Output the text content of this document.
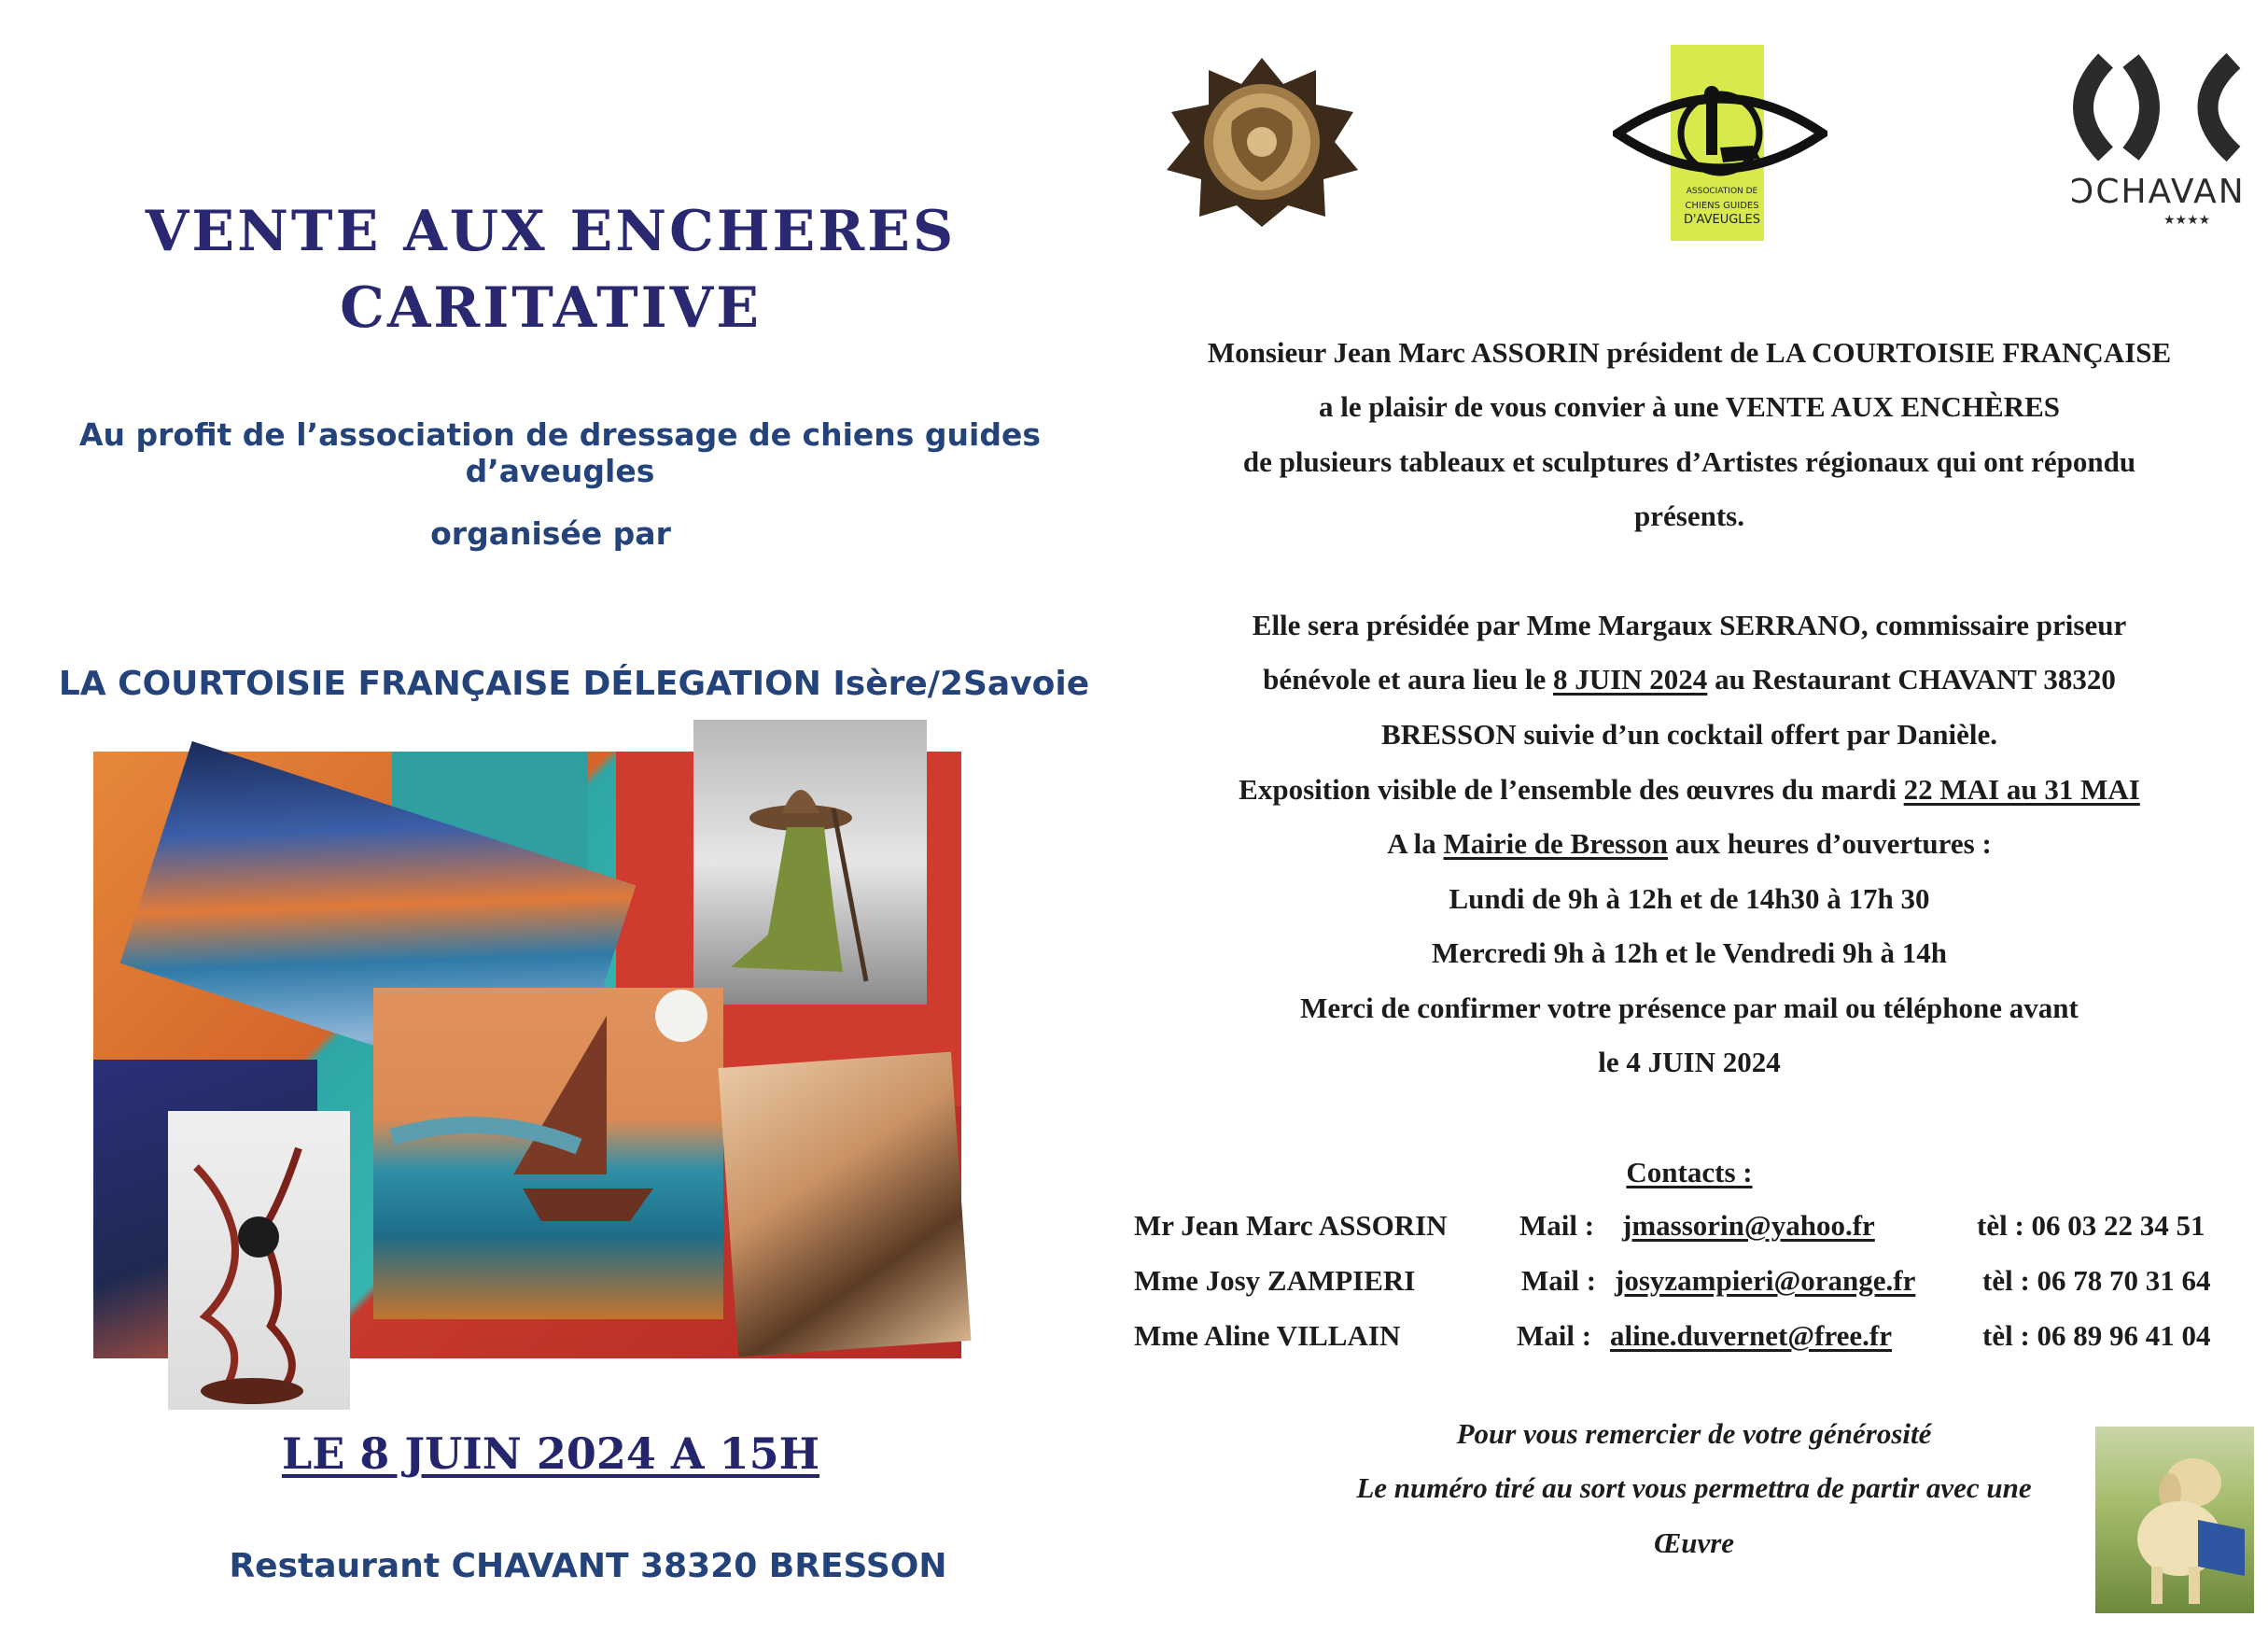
VENTE AUX ENCHERES
CARITATIVE
Au profit de l’association de dressage de chiens guides d’aveugles
organisée par
LA COURTOISIE FRANÇAISE DÉLEGATION Isère/2Savoie
LE 8 JUIN 2024 A 15H
Restaurant CHAVANT 38320 BRESSON
ASSOCIATION DE
CHIENS GUIDES
D'AVEUGLES
ↃCHAVAN
★★★★
Monsieur Jean Marc ASSORIN président de LA COURTOISIE FRANÇAISE
a le plaisir de vous convier à une VENTE AUX ENCHÈRES
de plusieurs tableaux et sculptures d’Artistes régionaux qui ont répondu
présents.
Elle sera présidée par Mme Margaux SERRANO, commissaire priseur
bénévole et aura lieu le 8 JUIN 2024 au Restaurant CHAVANT 38320
BRESSON suivie d’un cocktail offert par Danièle.
Exposition visible de l’ensemble des œuvres du mardi 22 MAI au 31 MAI
A la Mairie de Bresson aux heures d’ouvertures :
Lundi de 9h à 12h et de 14h30 à 17h 30
Mercredi 9h à 12h et le Vendredi 9h à 14h
Merci de confirmer votre présence par mail ou téléphone avant
le 4 JUIN 2024
Contacts :
Mr Jean Marc ASSORIN Mail : jmassorin@yahoo.fr	tèl : 06 03 22 34 51
Mme Josy ZAMPIERI	Mail : josyzampieri@orange.fr tèl : 06 78 70 31 64
Mme Aline VILLAIN	Mail : aline.duvernet@free.fr	tèl : 06 89 96 41 04
Pour vous remercier de votre générosité
Le numéro tiré au sort vous permettra de partir avec une
Œuvre
